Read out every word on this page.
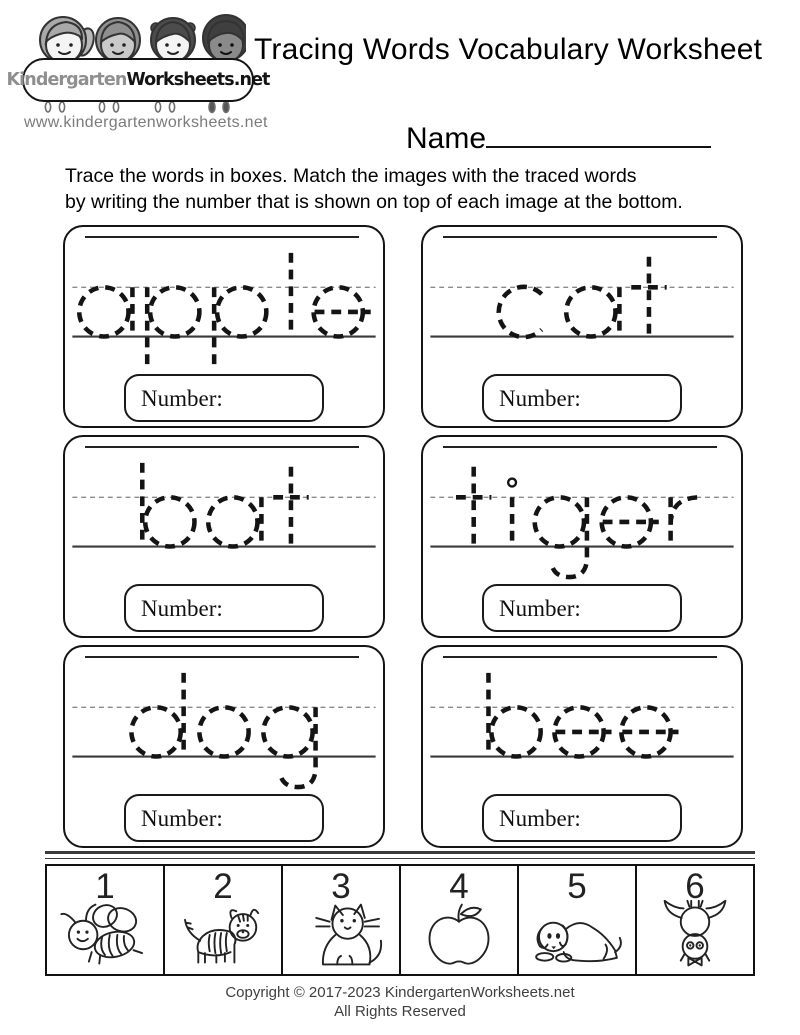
Kindergarten Worksheets.net
www.kindergartenworksheets.net
Tracing Words Vocabulary Worksheet
Name
Trace the words in boxes. Match the images with the traced words
by writing the number that is shown on top of each image at the bottom.
Number:	Number:
Number:	Number:
Number:	Number:
1	2	3	4	5	6
Copyright © 2017-2023 KindergartenWorksheets.net
All Rights Reserved
